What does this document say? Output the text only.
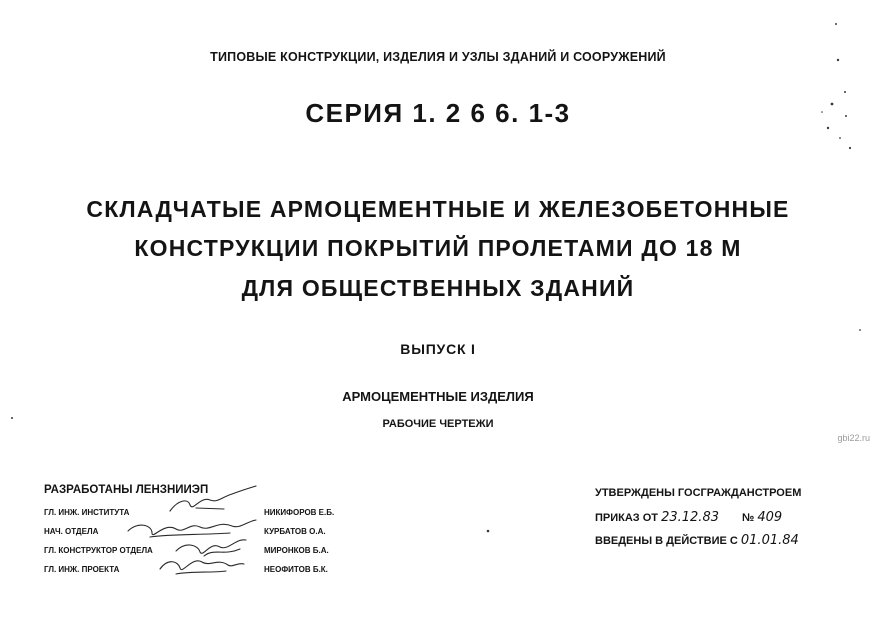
ТИПОВЫЕ КОНСТРУКЦИИ, ИЗДЕЛИЯ И УЗЛЫ ЗДАНИЙ И СООРУЖЕНИЙ
СЕРИЯ 1. 2 6 6. 1-3
СКЛАДЧАТЫЕ АРМОЦЕМЕНТНЫЕ И ЖЕЛЕЗОБЕТОННЫЕ
КОНСТРУКЦИИ ПОКРЫТИЙ ПРОЛЕТАМИ ДО 18 М
ДЛЯ ОБЩЕСТВЕННЫХ ЗДАНИЙ
ВЫПУСК I
АРМОЦЕМЕНТНЫЕ ИЗДЕЛИЯ
РАБОЧИЕ ЧЕРТЕЖИ
gbi22.ru
РАЗРАБОТАНЫ ЛЕНЗНИИЭП
ГЛ. ИНЖ. ИНСТИТУТА	НИКИФОРОВ Е.Б.
НАЧ. ОТДЕЛА	КУРБАТОВ О.А.
ГЛ. КОНСТРУКТОР ОТДЕЛА	МИРОНКОВ Б.А.
ГЛ. ИНЖ. ПРОЕКТА	НЕОФИТОВ Б.К.
УТВЕРЖДЕНЫ ГОСГРАЖДАНСТРОЕМ
ПРИКАЗ ОТ 23.12.83 № 409
ВВЕДЕНЫ В ДЕЙСТВИЕ С 01.01.84
